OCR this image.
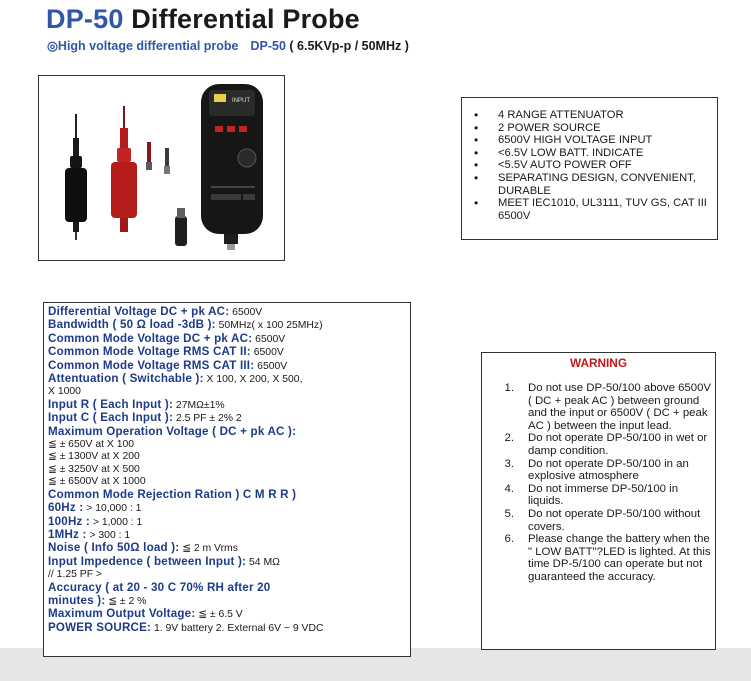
DP-50 Differential Probe
◎High voltage differential probe DP-50 ( 6.5KVp-p / 50MHz )
INPUT
• 4 RANGE ATTENUATOR
• 2 POWER SOURCE
• 6500V HIGH VOLTAGE INPUT
• <6.5V LOW BATT. INDICATE
• <5.5V AUTO POWER OFF
• SEPARATING DESIGN, CONVENIENT, DURABLE
• MEET IEC1010, UL3111, TUV GS, CAT III 6500V
Differential Voltage DC + pk AC: 6500V
Bandwidth ( 50 Ω load -3dB ): 50MHz( x 100 25MHz)
Common Mode Voltage DC + pk AC: 6500V
Common Mode Voltage RMS CAT II: 6500V
Common Mode Voltage RMS CAT III: 6500V
Attentuation ( Switchable ): X 100, X 200, X 500,
X 1000
Input R ( Each Input ): 27MΩ±1%
Input C ( Each Input ): 2.5 PF ± 2% 2
Maximum Operation Voltage ( DC + pk AC ):
≦ ± 650V at X 100
≦ ± 1300V at X 200
≦ ± 3250V at X 500
≦ ± 6500V at X 1000
Common Mode Rejection Ration ) C M R R )
60Hz : > 10,000 : 1
100Hz : > 1,000 : 1
1MHz : > 300 : 1
Noise ( Info 50Ω load ): ≦ 2 m Vrms
Input Impedence ( between Input ): 54 MΩ
// 1.25 PF >
Accuracy ( at 20 - 30 C 70% RH after 20
minutes ): ≦ ± 2 %
Maximum Output Voltage: ≦ ± 6.5 V
POWER SOURCE: 1. 9V battery 2. External 6V ~ 9 VDC
WARNING
1.	Do not use DP-50/100 above 6500V ( DC + peak AC ) between ground and the input or 6500V ( DC + peak AC ) between the input lead.
2.	Do not operate DP-50/100 in wet or damp condition.
3.	Do not operate DP-50/100 in an explosive atmosphere
4.	Do not immerse DP-50/100 in liquids.
5.	Do not operate DP-50/100 without covers.
6.	Please change the battery when the " LOW BATT"?LED is lighted. At this time DP-5/100 can operate but not guaranteed the accuracy.
